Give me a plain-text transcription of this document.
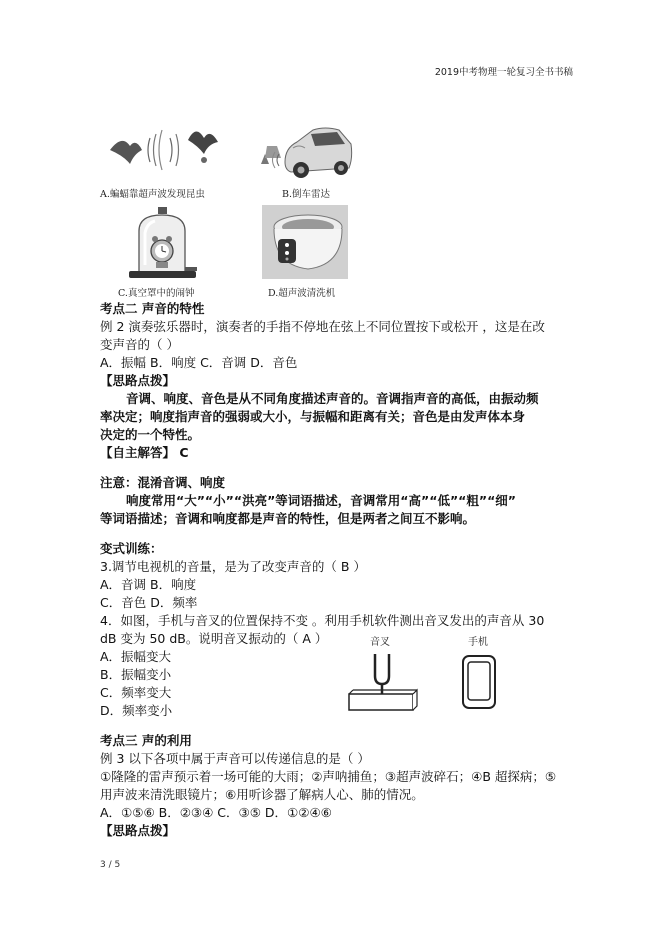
2019中考物理一轮复习全书书稿
A.蝙蝠靠超声波发现昆虫	B.倒车雷达
C.真空罩中的闹钟	D.超声波清洗机
考点二 声音的特性
例 2 演奏弦乐器时，演奏者的手指不停地在弦上不同位置按下或松开 ，这是在改
变声音的（ ）
A．振幅 B．响度 C．音调 D．音色
【思路点拨】
音调、响度、音色是从不同角度描述声音的。音调指声音的高低，由振动频
率决定；响度指声音的强弱或大小，与振幅和距离有关；音色是由发声体本身
决定的一个特性。
【自主解答】 C
注意：混淆音调、响度
响度常用“大”“小”“洪亮”等词语描述，音调常用“高”“低”“粗”“细”
等词语描述；音调和响度都是声音的特性，但是两者之间互不影响。
变式训练：
3.调节电视机的音量，是为了改变声音的（ B ）
A．音调 B．响度
C．音色 D．频率
4．如图，手机与音叉的位置保持不变 。利用手机软件测出音叉发出的声音从 30
dB 变为 50 dB。说明音叉振动的（ A ）
A．振幅变大
B．振幅变小
C．频率变大
D．频率变小
考点三 声的利用
例 3 以下各项中属于声音可以传递信息的是（ ）
①隆隆的雷声预示着一场可能的大雨；②声呐捕鱼；③超声波碎石；④B 超探病；⑤
用声波来清洗眼镜片；⑥用听诊器了解病人心、肺的情况。
A．①⑤⑥ B．②③④ C．③⑤ D．①②④⑥
【思路点拨】
音叉	手机
3 / 5
